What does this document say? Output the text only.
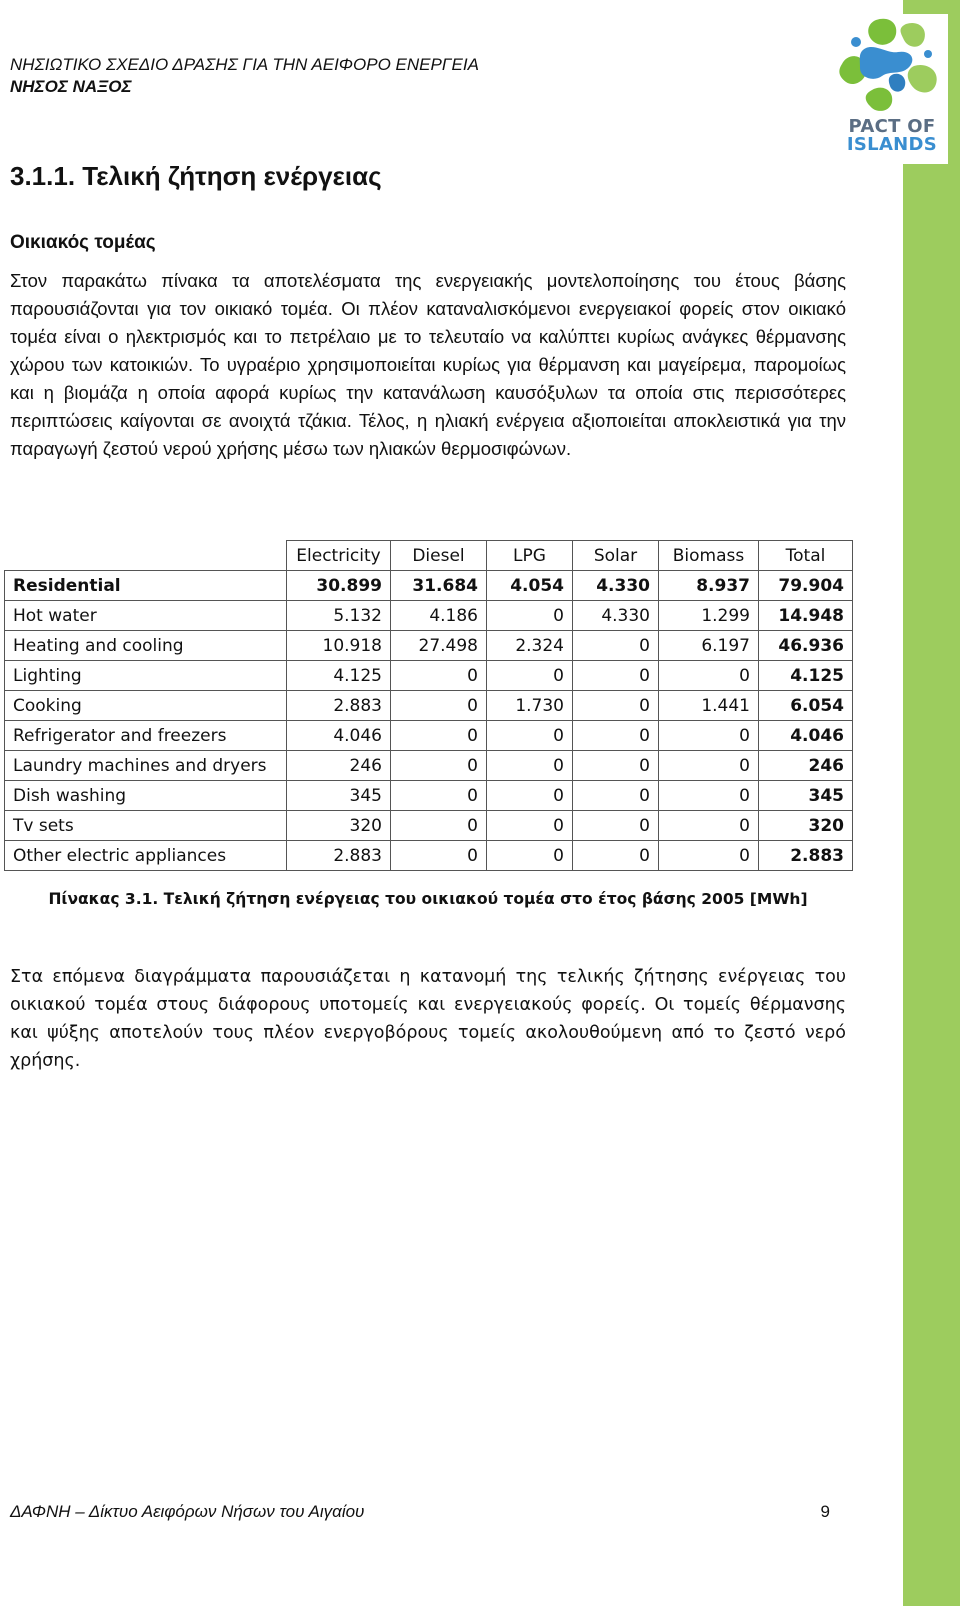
PACT OF
ISLANDS
ΝΗΣΙΩΤΙΚΟ ΣΧΕΔΙΟ ΔΡΑΣΗΣ ΓΙΑ ΤΗΝ ΑΕΙΦΟΡΟ ΕΝΕΡΓΕΙΑ
ΝΗΣΟΣ ΝΑΞΟΣ
3.1.1. Τελική ζήτηση ενέργειας
Οικιακός τομέας

Στον παρακάτω πίνακα τα αποτελέσματα της ενεργειακής μοντελοποίησης του έτους βάσης παρουσιάζονται για τον οικιακό τομέα. Οι πλέον καταναλισκόμενοι ενεργειακοί φορείς στον οικιακό τομέα είναι ο ηλεκτρισμός και το πετρέλαιο με το τελευταίο να καλύπτει κυρίως ανάγκες θέρμανσης χώρου των κατοικιών. Το υγραέριο χρησιμοποιείται κυρίως για θέρμανση και μαγείρεμα, παρομοίως και η βιομάζα η οποία αφορά κυρίως την κατανάλωση καυσόξυλων τα οποία στις περισσότερες περιπτώσεις καίγονται σε ανοιχτά τζάκια. Τέλος, η ηλιακή ενέργεια αξιοποιείται αποκλειστικά για την παραγωγή ζεστού νερού χρήσης μέσω των ηλιακών θερμοσιφώνων.

	Electricity	Diesel	LPG	Solar	Biomass	Total
Residential	30.899	31.684	4.054	4.330	8.937	79.904
Hot water	5.132	4.186	0	4.330	1.299	14.948
Heating and cooling	10.918	27.498	2.324	0	6.197	46.936
Lighting	4.125	0	0	0	0	4.125
Cooking	2.883	0	1.730	0	1.441	6.054
Refrigerator and freezers	4.046	0	0	0	0	4.046
Laundry machines and dryers	246	0	0	0	0	246
Dish washing	345	0	0	0	0	345
Tv sets	320	0	0	0	0	320
Other electric appliances	2.883	0	0	0	0	2.883
Πίνακας 3.1. Τελική ζήτηση ενέργειας του οικιακού τομέα στο έτος βάσης 2005 [MWh]

Στα επόμενα διαγράμματα παρουσιάζεται η κατανομή της τελικής ζήτησης ενέργειας του οικιακού τομέα στους διάφορους υποτομείς και ενεργειακούς φορείς. Οι τομείς θέρμανσης και ψύξης αποτελούν τους πλέον ενεργοβόρους τομείς ακολουθούμενη από το ζεστό νερό χρήσης.

ΔΑΦΝΗ – Δίκτυο Αειφόρων Νήσων του Αιγαίου	9
